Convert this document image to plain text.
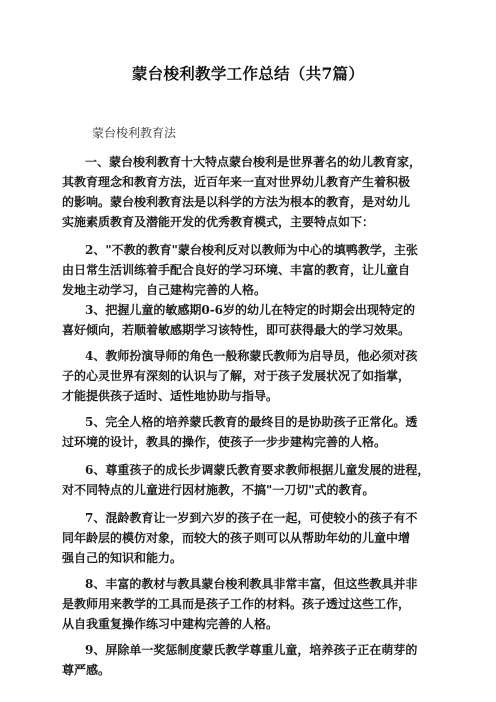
蒙台梭利教学工作总结（共7篇）
蒙台梭利教育法
一、蒙台梭利教育十大特点蒙台梭利是世界著名的幼儿教育家，
其教育理念和教育方法，近百年来一直对世界幼儿教育产生着积极
的影响。蒙台梭利教育法是以科学的方法为根本的教育，是对幼儿
实施素质教育及潜能开发的优秀教育模式，主要特点如下：
2、"不教的教育"蒙台梭利反对以教师为中心的填鸭教学，主张
由日常生活训练着手配合良好的学习环境、丰富的教育，让儿童自
发地主动学习，自己建构完善的人格。
3、把握儿童的敏感期0-6岁的幼儿在特定的时期会出现特定的
喜好倾向，若顺着敏感期学习该特性，即可获得最大的学习效果。
4、教师扮演导师的角色一般称蒙氏教师为启导员，他必须对孩
子的心灵世界有深刻的认识与了解，对于孩子发展状况了如指掌，
才能提供孩子适时、适性地协助与指导。
5、完全人格的培养蒙氏教育的最终目的是协助孩子正常化。透
过环境的设计，教具的操作，使孩子一步步建构完善的人格。
6、尊重孩子的成长步调蒙氏教育要求教师根据儿童发展的进程，
对不同特点的儿童进行因材施教，不搞"一刀切"式的教育。
7、混龄教育让一岁到六岁的孩子在一起，可使较小的孩子有不
同年龄层的模仿对象，而较大的孩子则可以从帮助年幼的儿童中增
强自己的知识和能力。
8、丰富的教材与教具蒙台梭利教具非常丰富，但这些教具并非
是教师用来教学的工具而是孩子工作的材料。孩子透过这些工作，
从自我重复操作练习中建构完善的人格。
9、屏除单一奖惩制度蒙氏教学尊重儿童，培养孩子正在萌芽的
尊严感。
